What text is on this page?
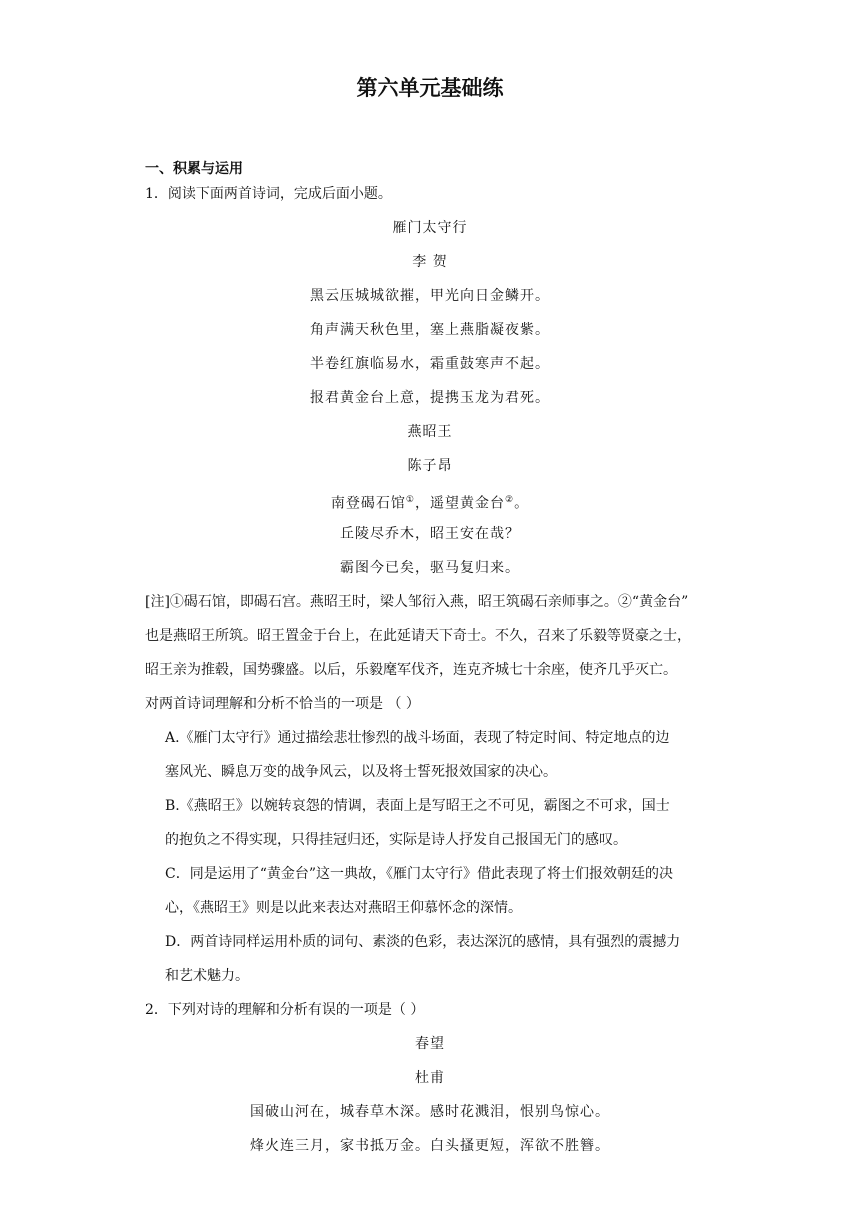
第六单元基础练
一、积累与运用
1．阅读下面两首诗词，完成后面小题。
雁门太守行
李 贺
黑云压城城欲摧，甲光向日金鳞开。
角声满天秋色里，塞上燕脂凝夜紫。
半卷红旗临易水，霜重鼓寒声不起。
报君黄金台上意，提携玉龙为君死。
燕昭王
陈子昂
南登碣石馆①，遥望黄金台②。
丘陵尽乔木，昭王安在哉？
霸图今已矣，驱马复归来。
[注]①碣石馆，即碣石宫。燕昭王时，梁人邹衍入燕，昭王筑碣石亲师事之。②“黄金台”
也是燕昭王所筑。昭王置金于台上，在此延请天下奇士。不久，召来了乐毅等贤豪之士，
昭王亲为推毂，国势骤盛。以后，乐毅麾军伐齐，连克齐城七十余座，使齐几乎灭亡。
对两首诗词理解和分析不恰当的一项是 （ ）
A.《雁门太守行》通过描绘悲壮惨烈的战斗场面，表现了特定时间、特定地点的边
塞风光、瞬息万变的战争风云，以及将士誓死报效国家的决心。
B.《燕昭王》以婉转哀怨的情调，表面上是写昭王之不可见，霸图之不可求，国士
的抱负之不得实现，只得挂冠归还，实际是诗人抒发自己报国无门的感叹。
C．同是运用了“黄金台”这一典故，《雁门太守行》借此表现了将士们报效朝廷的决
心，《燕昭王》则是以此来表达对燕昭王仰慕怀念的深情。
D．两首诗同样运用朴质的词句、素淡的色彩，表达深沉的感情，具有强烈的震撼力
和艺术魅力。
2．下列对诗的理解和分析有误的一项是（ ）
春望
杜甫
国破山河在，城春草木深。感时花溅泪，恨别鸟惊心。
烽火连三月，家书抵万金。白头搔更短，浑欲不胜簪。
